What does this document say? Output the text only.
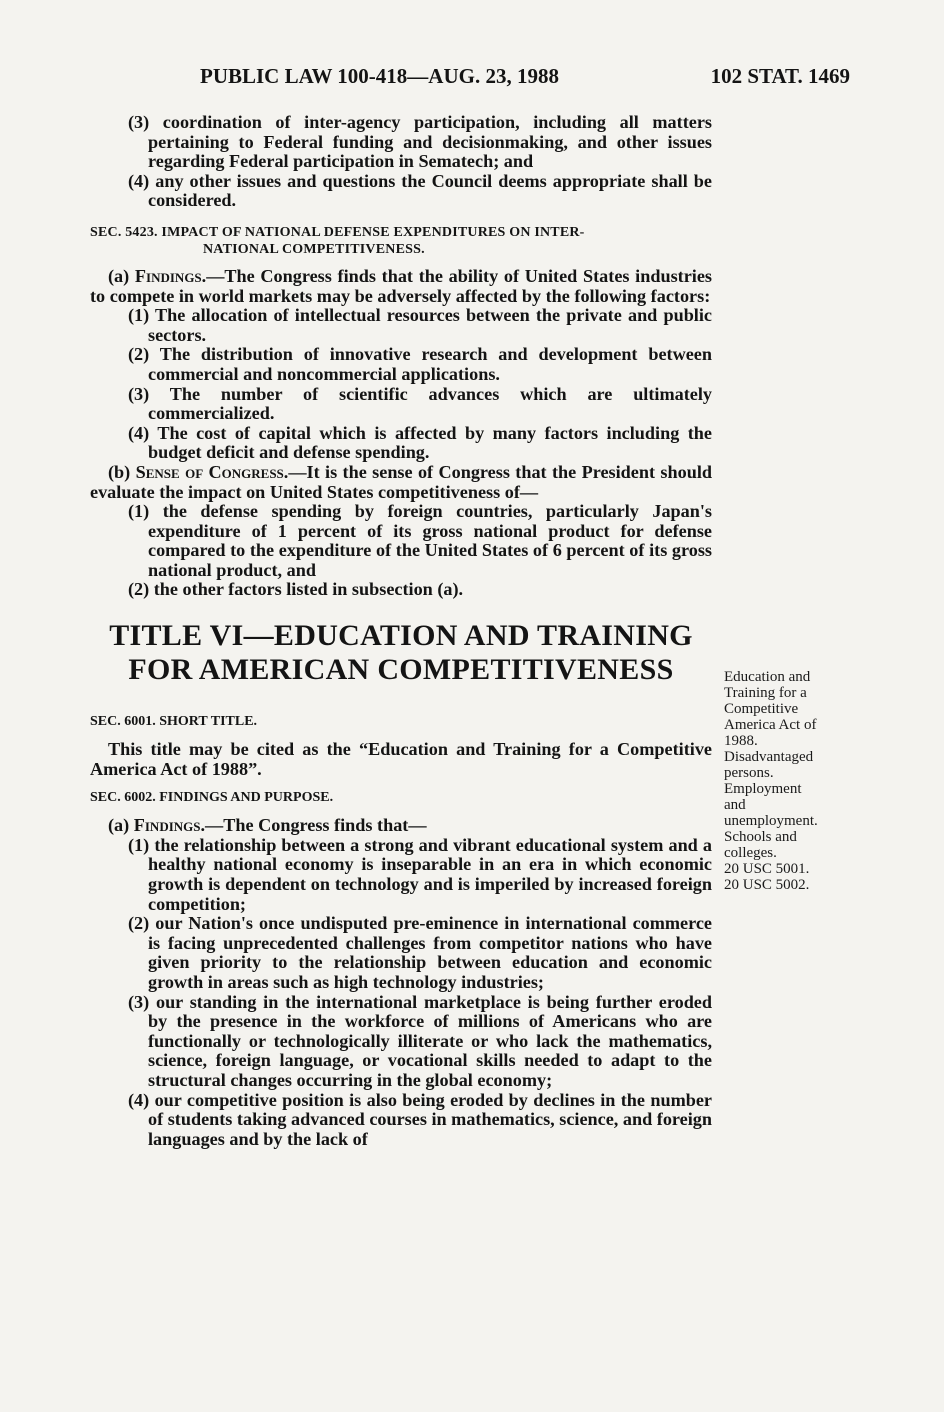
PUBLIC LAW 100-418—AUG. 23, 1988	102 STAT. 1469

(3) coordination of inter-agency participation, including all matters pertaining to Federal funding and decisionmaking, and other issues regarding Federal participation in Sematech; and

(4) any other issues and questions the Council deems appropriate shall be considered.

SEC. 5423. IMPACT OF NATIONAL DEFENSE EXPENDITURES ON INTER-
NATIONAL COMPETITIVENESS.

(a) Findings.—The Congress finds that the ability of United States industries to compete in world markets may be adversely affected by the following factors:

(1) The allocation of intellectual resources between the private and public sectors.

(2) The distribution of innovative research and development between commercial and noncommercial applications.

(3) The number of scientific advances which are ultimately commercialized.

(4) The cost of capital which is affected by many factors including the budget deficit and defense spending.

(b) Sense of Congress.—It is the sense of Congress that the President should evaluate the impact on United States competitiveness of—

(1) the defense spending by foreign countries, particularly Japan's expenditure of 1 percent of its gross national product for defense compared to the expenditure of the United States of 6 percent of its gross national product, and

(2) the other factors listed in subsection (a).

TITLE VI—EDUCATION AND TRAINING
FOR AMERICAN COMPETITIVENESS
SEC. 6001. SHORT TITLE.

This title may be cited as the “Education and Training for a Competitive America Act of 1988”.

SEC. 6002. FINDINGS AND PURPOSE.

(a) Findings.—The Congress finds that—

(1) the relationship between a strong and vibrant educational system and a healthy national economy is inseparable in an era in which economic growth is dependent on technology and is imperiled by increased foreign competition;

(2) our Nation's once undisputed pre-eminence in international commerce is facing unprecedented challenges from competitor nations who have given priority to the relationship between education and economic growth in areas such as high technology industries;

(3) our standing in the international marketplace is being further eroded by the presence in the workforce of millions of Americans who are functionally or technologically illiterate or who lack the mathematics, science, foreign language, or vocational skills needed to adapt to the structural changes occurring in the global economy;

(4) our competitive position is also being eroded by declines in the number of students taking advanced courses in mathematics, science, and foreign languages and by the lack of

Education and
Training for a
Competitive
America Act of
1988.
Disadvantaged
persons.
Employment
and
unemployment.
Schools and
colleges.
20 USC 5001.
20 USC 5002.
